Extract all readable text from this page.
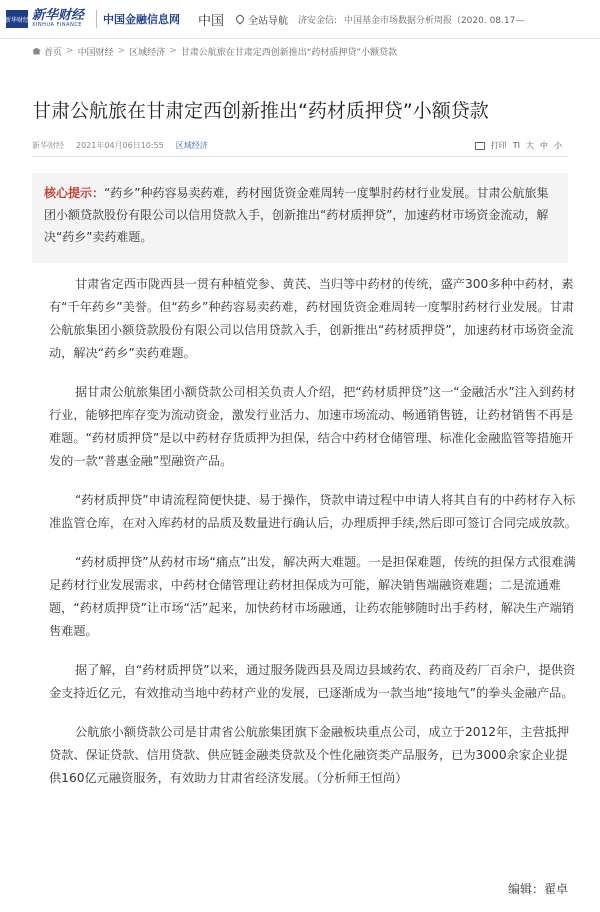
新华财经 新华财经
XINHUA FINANCE 中国金融信息网 中国 全站导航 济安金信: 中国基金市场数据分析周报（2020. 08.17—
首页 > 中国财经 > 区域经济 > 甘肃公航旅在甘肃定西创新推出“药材质押贷”小额贷款
甘肃公航旅在甘肃定西创新推出“药材质押贷”小额贷款
新华财经 2021年04月06日10:55 区域经济	打印 TI 大 中 小
核心提示：“药乡”种药容易卖药难，药材囤货资金难周转一度掣肘药材行业发展。甘肃公航旅集团小额贷款股份有限公司以信用贷款入手，创新推出“药材质押贷”，加速药材市场资金流动，解决“药乡”卖药难题。

甘肃省定西市陇西县一贯有种植党参、黄芪、当归等中药材的传统，盛产300多种中药材，素有“千年药乡”美誉。但“药乡”种药容易卖药难，药材囤货资金难周转一度掣肘药材行业发展。甘肃公航旅集团小额贷款股份有限公司以信用贷款入手，创新推出“药材质押贷”，加速药材市场资金流动，解决“药乡”卖药难题。

据甘肃公航旅集团小额贷款公司相关负责人介绍，把“药材质押贷”这一“金融活水”注入到药材行业，能够把库存变为流动资金，激发行业活力、加速市场流动、畅通销售链，让药材销售不再是难题。“药材质押贷”是以中药材存货质押为担保，结合中药材仓储管理、标准化金融监管等措施开发的一款“普惠金融”型融资产品。

“药材质押贷”申请流程简便快捷、易于操作，贷款申请过程中申请人将其自有的中药材存入标准监管仓库，在对入库药材的品质及数量进行确认后，办理质押手续,然后即可签订合同完成放款。

“药材质押贷”从药材市场“痛点”出发，解决两大难题。一是担保难题，传统的担保方式很难满足药材行业发展需求，中药材仓储管理让药材担保成为可能，解决销售端融资难题；二是流通难题，“药材质押贷”让市场“活”起来，加快药材市场融通，让药农能够随时出手药材，解决生产端销售难题。

据了解，自“药材质押贷”以来，通过服务陇西县及周边县域药农、药商及药厂百余户，提供资金支持近亿元，有效推动当地中药材产业的发展，已逐渐成为一款当地“接地气”的拳头金融产品。

公航旅小额贷款公司是甘肃省公航旅集团旗下金融板块重点公司，成立于2012年，主营抵押贷款、保证贷款、信用贷款、供应链金融类贷款及个性化融资类产品服务，已为3000余家企业提供160亿元融资服务，有效助力甘肃省经济发展。（分析师王恒尚）

编辑：翟卓
